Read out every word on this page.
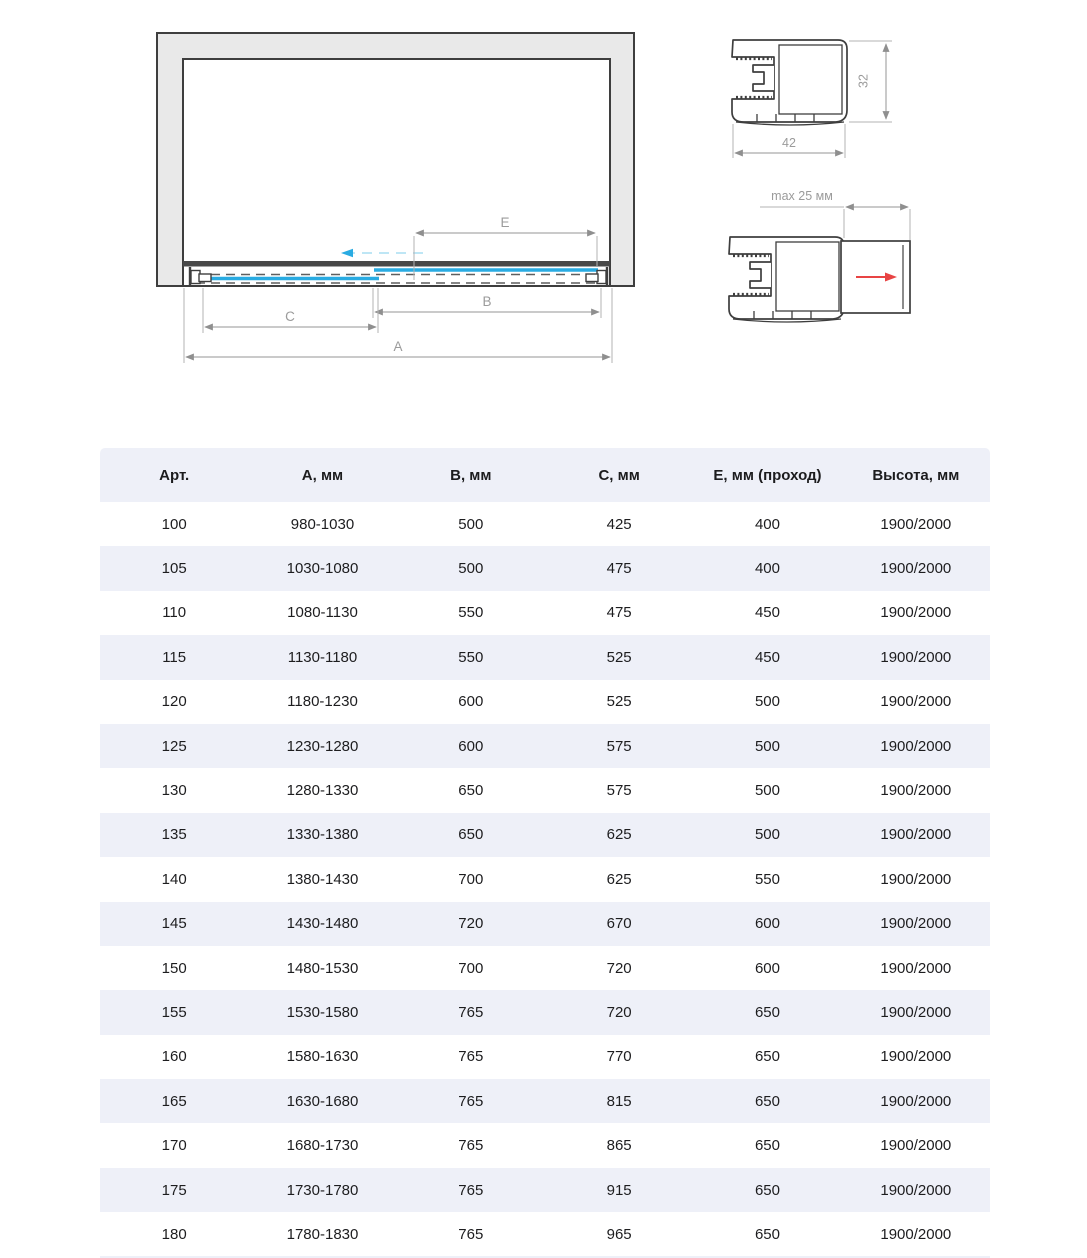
E
B
C
A
32
42
max 25 мм
Арт.	А, мм	В, мм	С, мм	Е, мм (проход)	Высота, мм
100	980-1030	500	425	400	1900/2000
105	1030-1080	500	475	400	1900/2000
110	1080-1130	550	475	450	1900/2000
115	1130-1180	550	525	450	1900/2000
120	1180-1230	600	525	500	1900/2000
125	1230-1280	600	575	500	1900/2000
130	1280-1330	650	575	500	1900/2000
135	1330-1380	650	625	500	1900/2000
140	1380-1430	700	625	550	1900/2000
145	1430-1480	720	670	600	1900/2000
150	1480-1530	700	720	600	1900/2000
155	1530-1580	765	720	650	1900/2000
160	1580-1630	765	770	650	1900/2000
165	1630-1680	765	815	650	1900/2000
170	1680-1730	765	865	650	1900/2000
175	1730-1780	765	915	650	1900/2000
180	1780-1830	765	965	650	1900/2000
